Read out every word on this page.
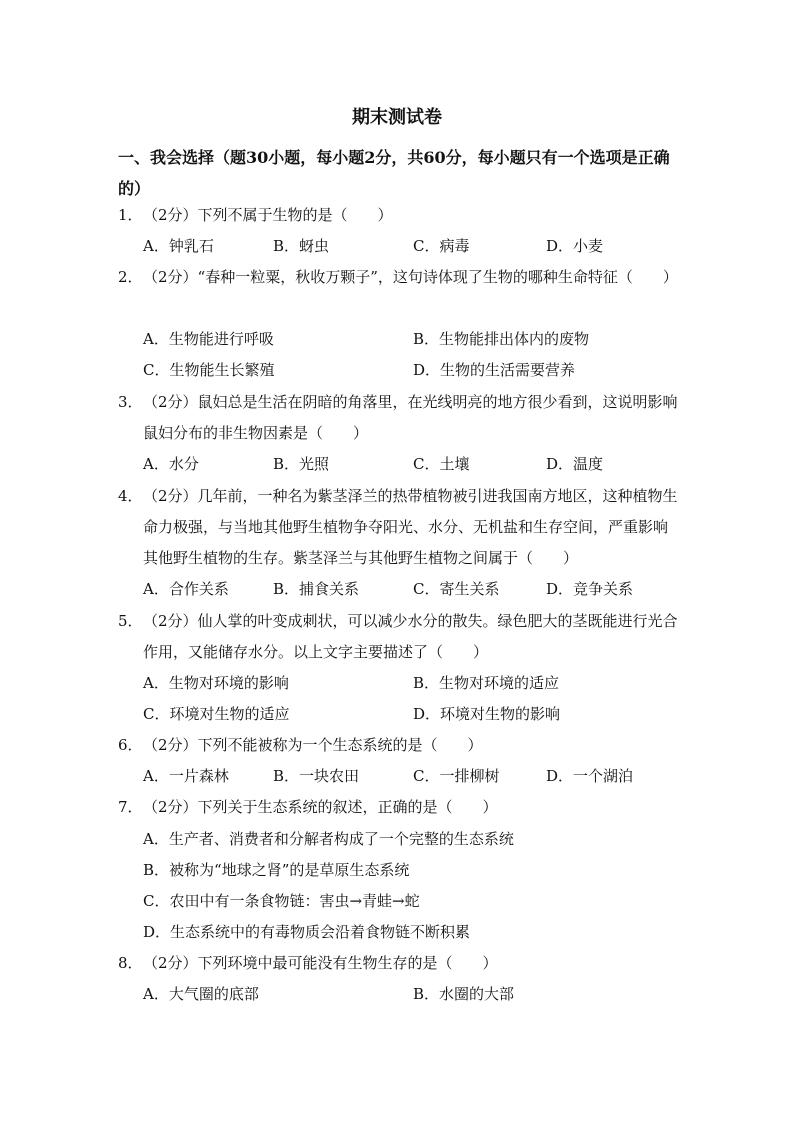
期末测试卷
一、我会选择（题30小题，每小题2分，共60分，每小题只有一个选项是正确的）
1． （2分）下列不属于生物的是（　　）
A．钟乳石	B．蚜虫	C．病毒	D．小麦
2． （2分）“春种一粒粟，秋收万颗子”，这句诗体现了生物的哪种生命特征（　　）
A．生物能进行呼吸	B．生物能排出体内的废物
C．生物能生长繁殖	D．生物的生活需要营养
3． （2分）鼠妇总是生活在阴暗的角落里，在光线明亮的地方很少看到，这说明影响鼠妇分布的非生物因素是（　　）
A．水分	B．光照	C．土壤	D．温度
4． （2分）几年前，一种名为紫茎泽兰的热带植物被引进我国南方地区，这种植物生命力极强，与当地其他野生植物争夺阳光、水分、无机盐和生存空间，严重影响其他野生植物的生存。紫茎泽兰与其他野生植物之间属于（　　）
A．合作关系	B．捕食关系	C．寄生关系	D．竞争关系
5． （2分）仙人掌的叶变成刺状，可以减少水分的散失。绿色肥大的茎既能进行光合作用，又能储存水分。以上文字主要描述了（　　）
A．生物对环境的影响	B．生物对环境的适应
C．环境对生物的适应	D．环境对生物的影响
6． （2分）下列不能被称为一个生态系统的是（　　）
A．一片森林	B．一块农田	C．一排柳树	D．一个湖泊
7． （2分）下列关于生态系统的叙述，正确的是（　　）
A．生产者、消费者和分解者构成了一个完整的生态系统
B．被称为“地球之肾”的是草原生态系统
C．农田中有一条食物链：害虫→青蛙→蛇
D．生态系统中的有毒物质会沿着食物链不断积累
8． （2分）下列环境中最可能没有生物生存的是（　　）
A．大气圈的底部	B．水圈的大部
